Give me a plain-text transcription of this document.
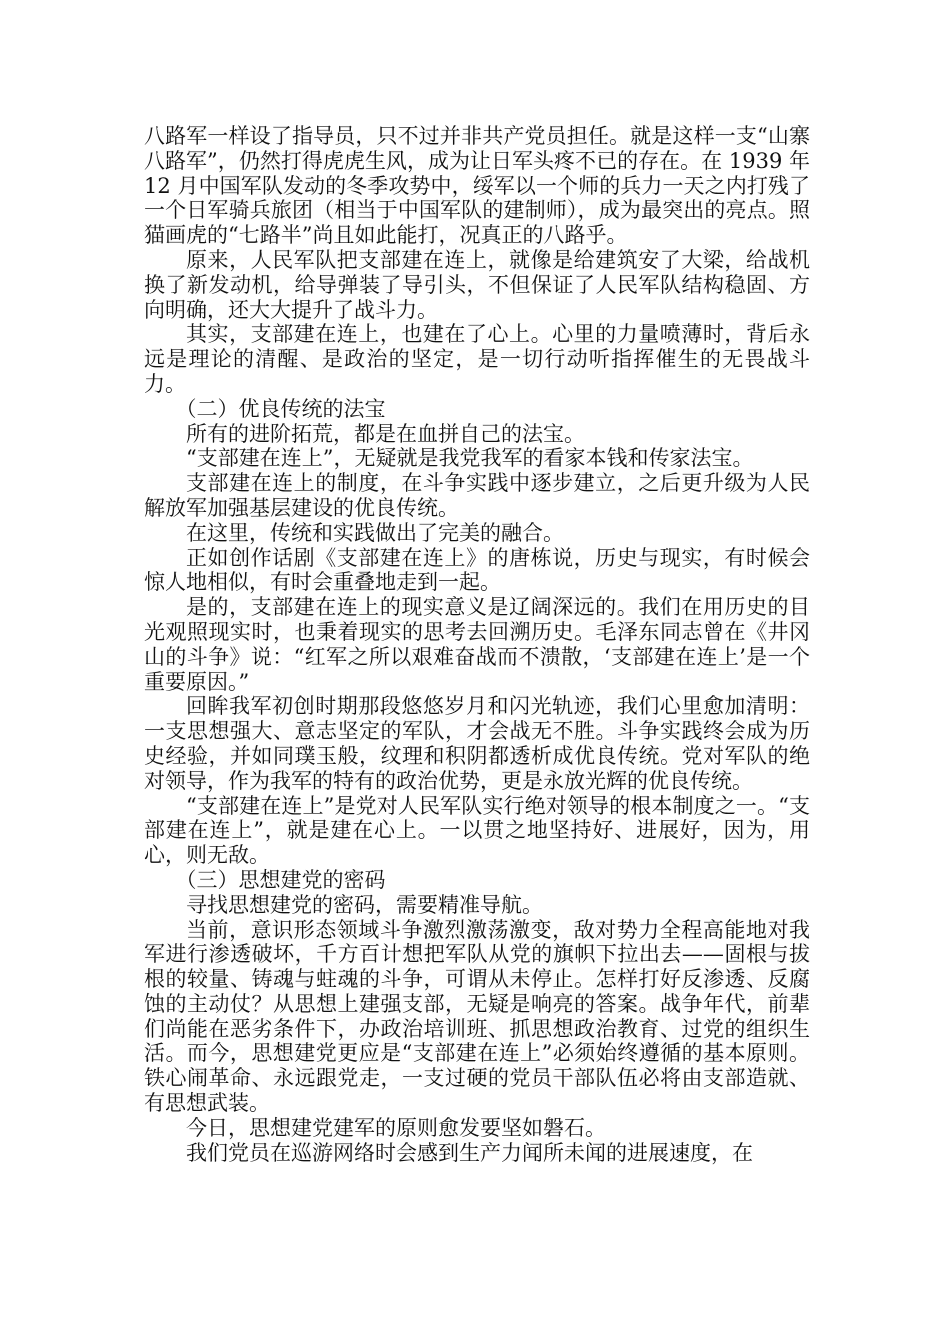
八路军一样设了指导员，只不过并非共产党员担任。就是这样一支“山寨八路军”，仍然打得虎虎生风，成为让日军头疼不已的存在。在 1939 年 12 月中国军队发动的冬季攻势中，绥军以一个师的兵力一天之内打残了一个日军骑兵旅团（相当于中国军队的建制师），成为最突出的亮点。照猫画虎的“七路半”尚且如此能打，况真正的八路乎。

原来，人民军队把支部建在连上，就像是给建筑安了大梁，给战机换了新发动机，给导弹装了导引头，不但保证了人民军队结构稳固、方向明确，还大大提升了战斗力。

其实，支部建在连上，也建在了心上。心里的力量喷薄时，背后永远是理论的清醒、是政治的坚定，是一切行动听指挥催生的无畏战斗力。

（二）优良传统的法宝

所有的进阶拓荒，都是在血拼自己的法宝。

“支部建在连上”，无疑就是我党我军的看家本钱和传家法宝。

支部建在连上的制度，在斗争实践中逐步建立，之后更升级为人民解放军加强基层建设的优良传统。

在这里，传统和实践做出了完美的融合。

正如创作话剧《支部建在连上》的唐栋说，历史与现实，有时候会惊人地相似，有时会重叠地走到一起。

是的，支部建在连上的现实意义是辽阔深远的。我们在用历史的目光观照现实时，也秉着现实的思考去回溯历史。毛泽东同志曾在《井冈山的斗争》说：“红军之所以艰难奋战而不溃散，‘支部建在连上’是一个重要原因。”

回眸我军初创时期那段悠悠岁月和闪光轨迹，我们心里愈加清明：一支思想强大、意志坚定的军队，才会战无不胜。斗争实践终会成为历史经验，并如同璞玉般，纹理和积阴都透析成优良传统。党对军队的绝对领导，作为我军的特有的政治优势，更是永放光辉的优良传统。

“支部建在连上”是党对人民军队实行绝对领导的根本制度之一。“支部建在连上”，就是建在心上。一以贯之地坚持好、进展好，因为，用心，则无敌。

（三）思想建党的密码

寻找思想建党的密码，需要精准导航。

当前，意识形态领域斗争激烈激荡激变，敌对势力全程高能地对我军进行渗透破坏，千方百计想把军队从党的旗帜下拉出去——固根与拔根的较量、铸魂与蛀魂的斗争，可谓从未停止。怎样打好反渗透、反腐蚀的主动仗？从思想上建强支部，无疑是响亮的答案。战争年代，前辈们尚能在恶劣条件下，办政治培训班、抓思想政治教育、过党的组织生活。而今，思想建党更应是“支部建在连上”必须始终遵循的基本原则。铁心闹革命、永远跟党走，一支过硬的党员干部队伍必将由支部造就、有思想武装。

今日，思想建党建军的原则愈发要坚如磐石。

我们党员在巡游网络时会感到生产力闻所未闻的进展速度，在
